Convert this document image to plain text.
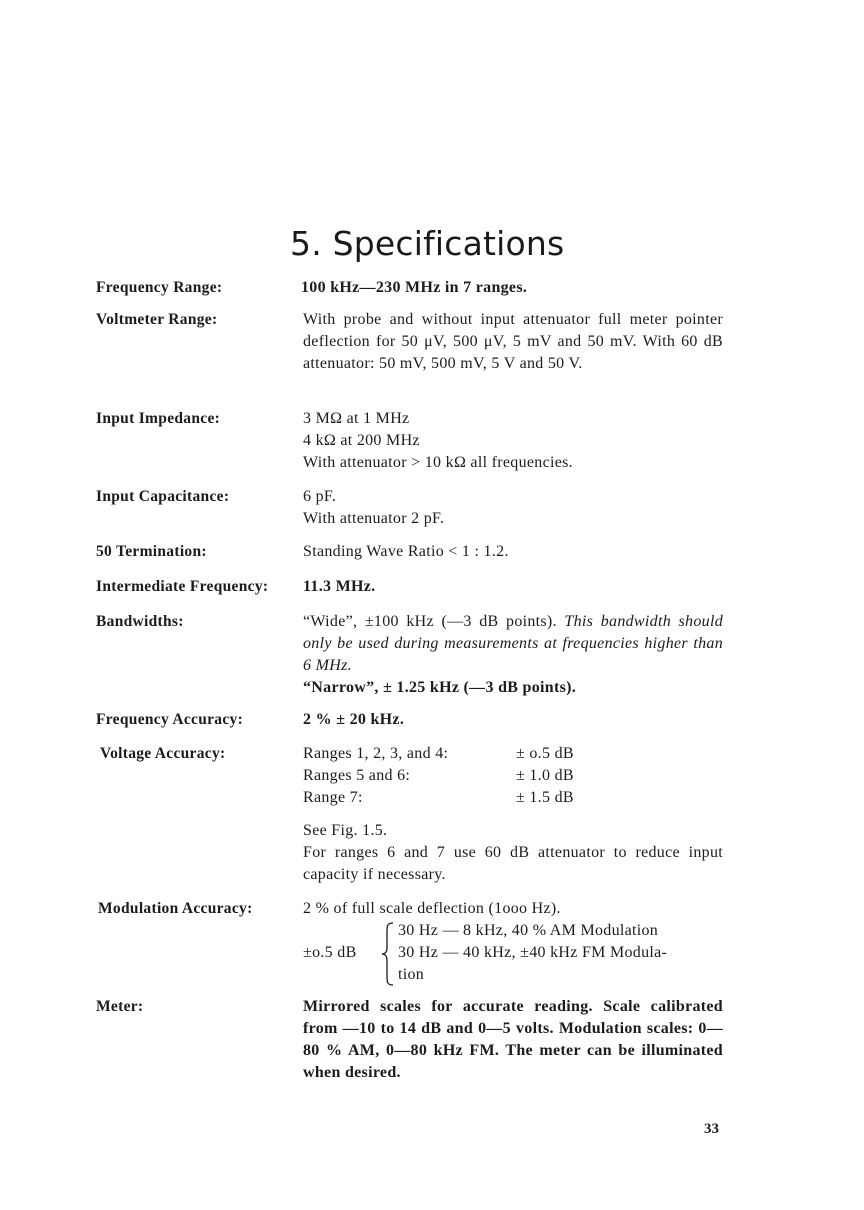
5. Specifications
Frequency Range:	100 kHz—230 MHz in 7 ranges.
Voltmeter Range:	With probe and without input attenuator full meter pointer deflection for 50 μV, 500 μV, 5 mV and 50 mV. With 60 dB attenuator: 50 mV, 500 mV, 5 V and 50 V.
Input Impedance:	3 MΩ at 1 MHz

4 kΩ at 200 MHz

With attenuator > 10 kΩ all frequencies.

Input Capacitance:	6 pF.

With attenuator 2 pF.

50 Termination:	Standing Wave Ratio < 1 : 1.2.
Intermediate Frequency: 11.3 MHz.
Bandwidths:	“Wide”, ±100 kHz (—3 dB points). This bandwidth should only be used during measurements at frequencies higher than 6 MHz.

“Narrow”, ± 1.25 kHz (—3 dB points).

Frequency Accuracy:	2 % ± 20 kHz.
Voltage Accuracy:	Ranges 1, 2, 3, and 4:	± o.5 dB
Ranges 5 and 6:	± 1.0 dB
Range 7:	± 1.5 dB

See Fig. 1.5.

For ranges 6 and 7 use 60 dB attenuator to reduce input capacity if necessary.

Modulation Accuracy:	2 % of full scale deflection (1ooo Hz).

±o.5 dB

30 Hz — 8 kHz, 40 % AM Modulation

30 Hz — 40 kHz, ±40 kHz FM Modula-

tion

Meter:	Mirrored scales for accurate reading. Scale calibrated from —10 to 14 dB and 0—5 volts. Modulation scales: 0—80 % AM, 0—80 kHz FM. The meter can be illuminated when desired.
33
